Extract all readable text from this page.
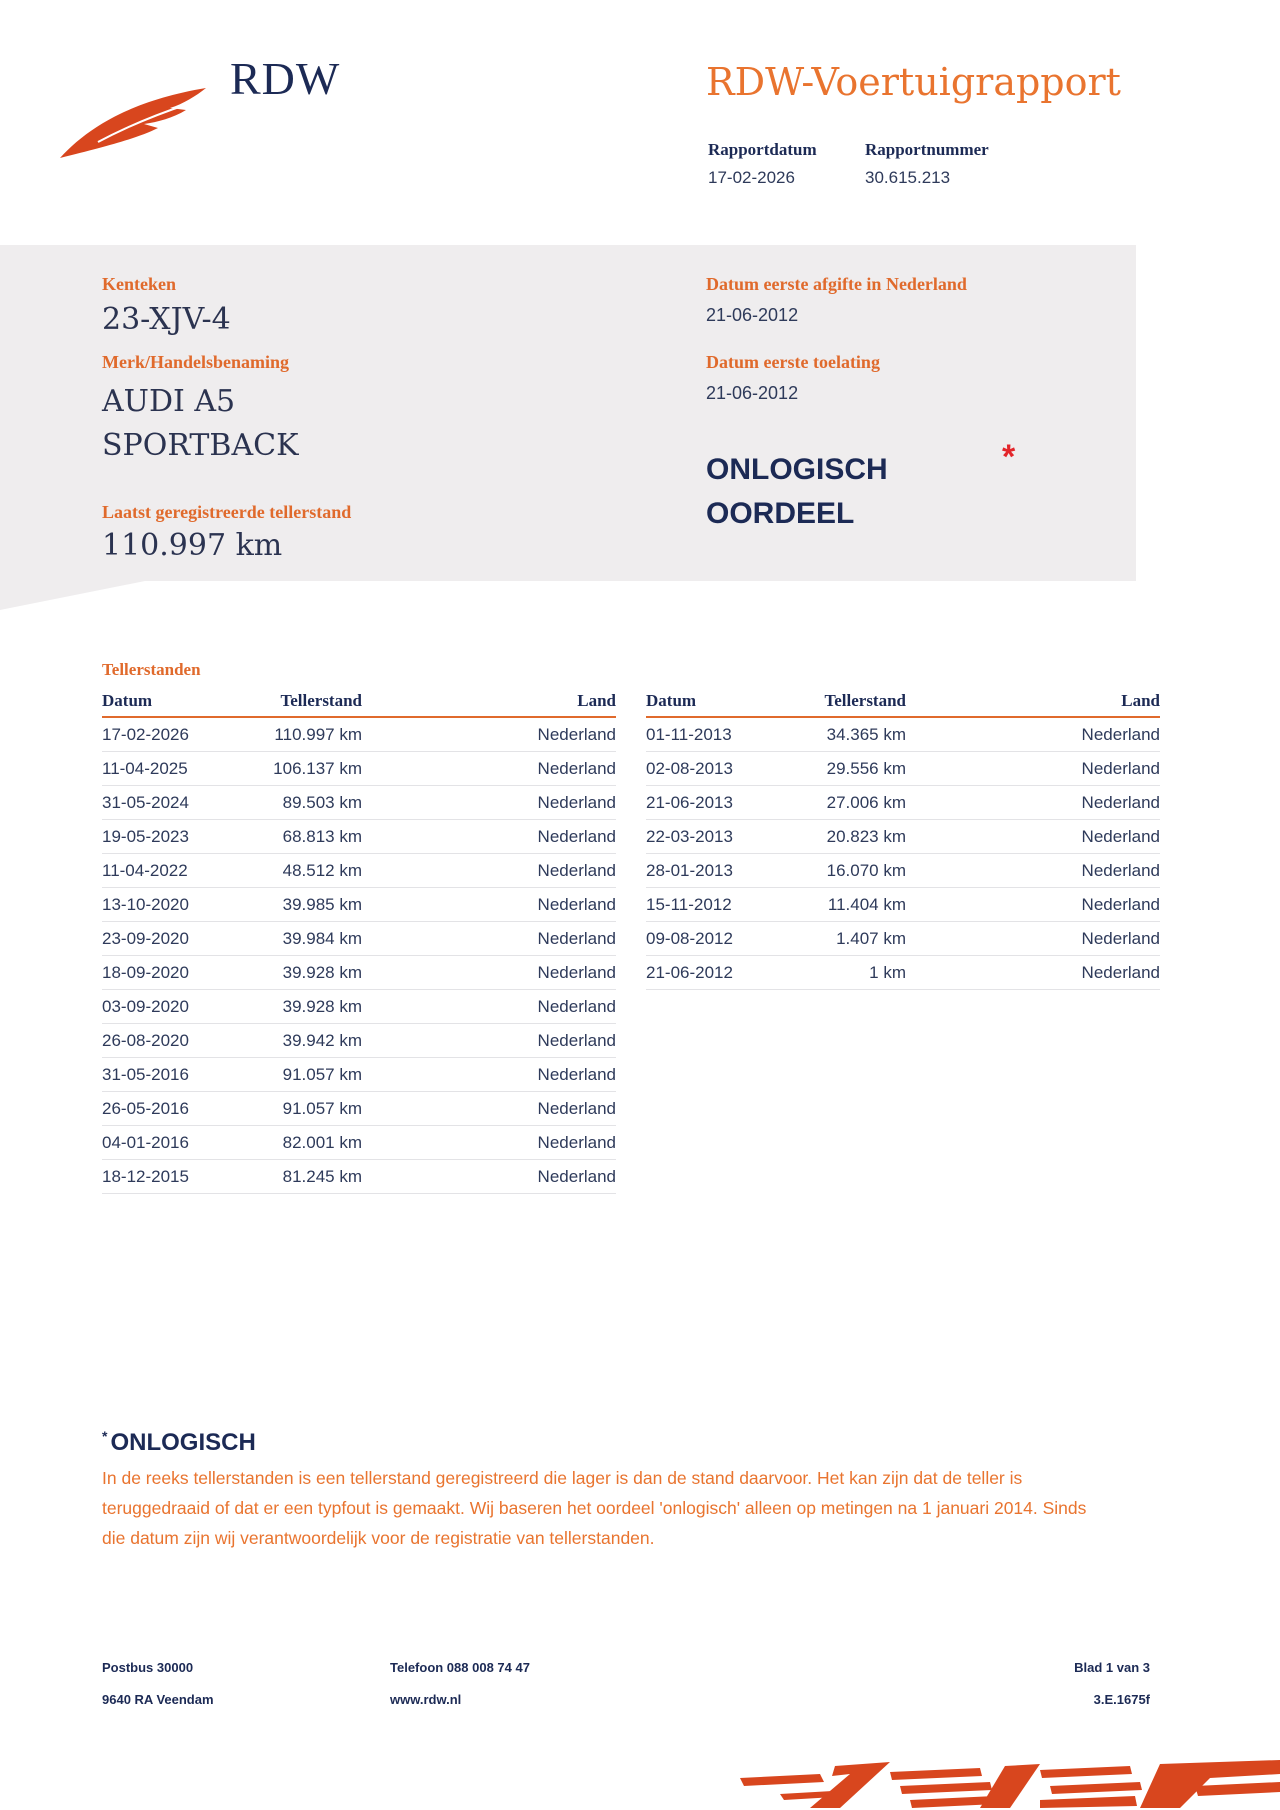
RDW	RDW-Voertuigrapport
Rapportdatum
17-02-2026
Rapportnummer
30.615.213
Kenteken
23-XJV-4
Merk/Handelsbenaming
AUDI A5
SPORTBACK
Laatst geregistreerde tellerstand
110.997 km
Datum eerste afgifte in Nederland
21-06-2012
Datum eerste toelating
21-06-2012
ONLOGISCH
OORDEEL
*
Tellerstanden
Datum	Tellerstand	Land
17-02-2026	110.997 km	Nederland
11-04-2025	106.137 km	Nederland
31-05-2024	89.503 km	Nederland
19-05-2023	68.813 km	Nederland
11-04-2022	48.512 km	Nederland
13-10-2020	39.985 km	Nederland
23-09-2020	39.984 km	Nederland
18-09-2020	39.928 km	Nederland
03-09-2020	39.928 km	Nederland
26-08-2020	39.942 km	Nederland
31-05-2016	91.057 km	Nederland
26-05-2016	91.057 km	Nederland
04-01-2016	82.001 km	Nederland
18-12-2015	81.245 km	Nederland
Datum	Tellerstand	Land
01-11-2013	34.365 km	Nederland
02-08-2013	29.556 km	Nederland
21-06-2013	27.006 km	Nederland
22-03-2013	20.823 km	Nederland
28-01-2013	16.070 km	Nederland
15-11-2012	11.404 km	Nederland
09-08-2012	1.407 km	Nederland
21-06-2012	1 km	Nederland
* ONLOGISCH
In de reeks tellerstanden is een tellerstand geregistreerd die lager is dan de stand daarvoor. Het kan zijn dat de teller is teruggedraaid of dat er een typfout is gemaakt. Wij baseren het oordeel 'onlogisch' alleen op metingen na 1 januari 2014. Sinds die datum zijn wij verantwoordelijk voor de registratie van tellerstanden.
Postbus 30000
9640 RA Veendam
Telefoon 088 008 74 47
www.rdw.nl
Blad 1 van 3
3.E.1675f
